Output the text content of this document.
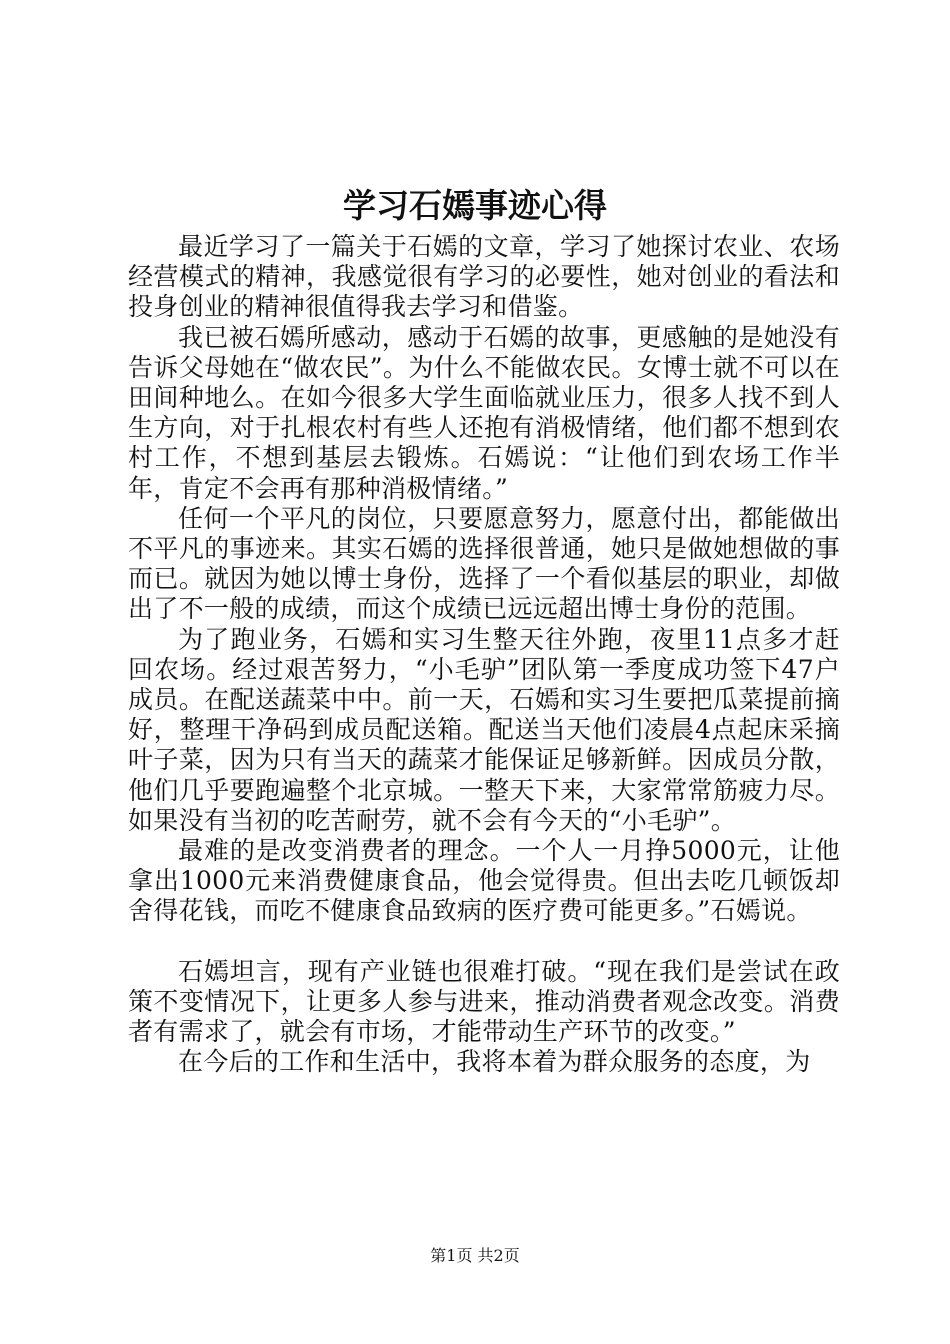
学习石嫣事迹心得

最近学习了一篇关于石嫣的文章，学习了她探讨农业、农场经营模式的精神，我感觉很有学习的必要性，她对创业的看法和投身创业的精神很值得我去学习和借鉴。

我已被石嫣所感动，感动于石嫣的故事，更感触的是她没有告诉父母她在“做农民”。为什么不能做农民。女博士就不可以在田间种地么。在如今很多大学生面临就业压力，很多人找不到人生方向，对于扎根农村有些人还抱有消极情绪，他们都不想到农村工作，不想到基层去锻炼。石嫣说：“让他们到农场工作半年，肯定不会再有那种消极情绪。”

任何一个平凡的岗位，只要愿意努力，愿意付出，都能做出不平凡的事迹来。其实石嫣的选择很普通，她只是做她想做的事而已。就因为她以博士身份，选择了一个看似基层的职业，却做出了不一般的成绩，而这个成绩已远远超出博士身份的范围。

为了跑业务，石嫣和实习生整天往外跑，夜里11点多才赶回农场。经过艰苦努力，“小毛驴”团队第一季度成功签下47户成员。在配送蔬菜中中。前一天，石嫣和实习生要把瓜菜提前摘好，整理干净码到成员配送箱。配送当天他们凌晨4点起床采摘叶子菜，因为只有当天的蔬菜才能保证足够新鲜。因成员分散，他们几乎要跑遍整个北京城。一整天下来，大家常常筋疲力尽。如果没有当初的吃苦耐劳，就不会有今天的“小毛驴”。

最难的是改变消费者的理念。一个人一月挣5000元，让他拿出1000元来消费健康食品，他会觉得贵。但出去吃几顿饭却舍得花钱，而吃不健康食品致病的医疗费可能更多。”石嫣说。

石嫣坦言，现有产业链也很难打破。“现在我们是尝试在政策不变情况下，让更多人参与进来，推动消费者观念改变。消费者有需求了，就会有市场，才能带动生产环节的改变。”

在今后的工作和生活中，我将本着为群众服务的态度，为

第1页 共2页
